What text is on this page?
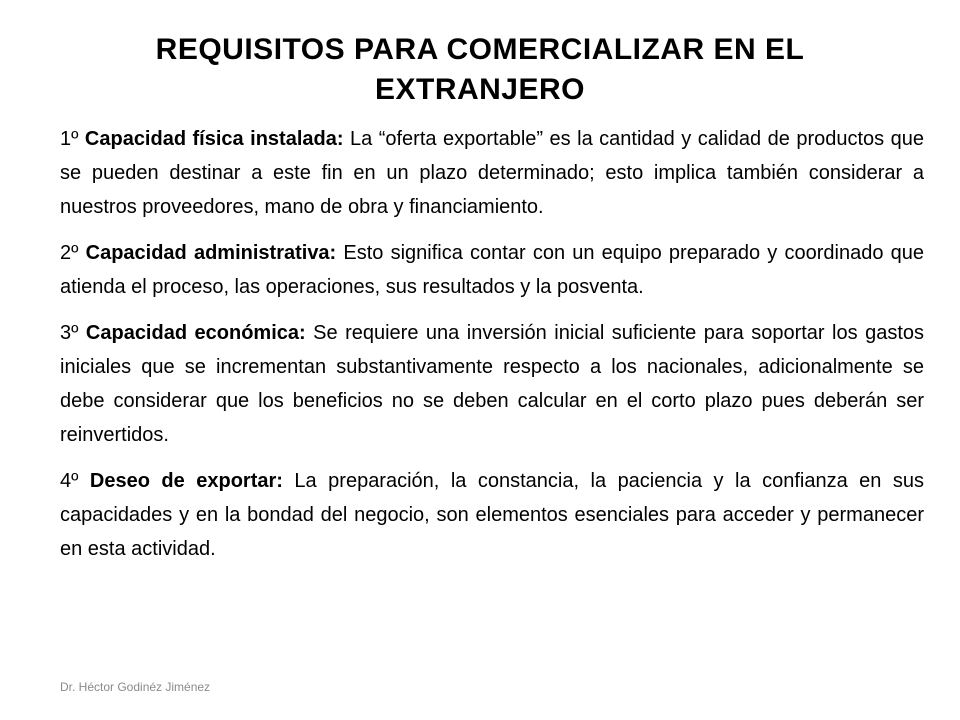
REQUISITOS PARA COMERCIALIZAR EN EL EXTRANJERO

1º Capacidad física instalada: La “oferta exportable” es la cantidad y calidad de productos que se pueden destinar a este fin en un plazo determinado; esto implica también considerar a nuestros proveedores, mano de obra y financiamiento.

2º Capacidad administrativa: Esto significa contar con un equipo preparado y coordinado que atienda el proceso, las operaciones, sus resultados y la posventa.

3º Capacidad económica: Se requiere una inversión inicial suficiente para soportar los gastos iniciales que se incrementan substantivamente respecto a los nacionales, adicionalmente se debe considerar que los beneficios no se deben calcular en el corto plazo pues deberán ser reinvertidos.

4º Deseo de exportar: La preparación, la constancia, la paciencia y la confianza en sus capacidades y en la bondad del negocio, son elementos esenciales para acceder y permanecer en esta actividad.

Dr. Héctor Godinéz Jiménez
